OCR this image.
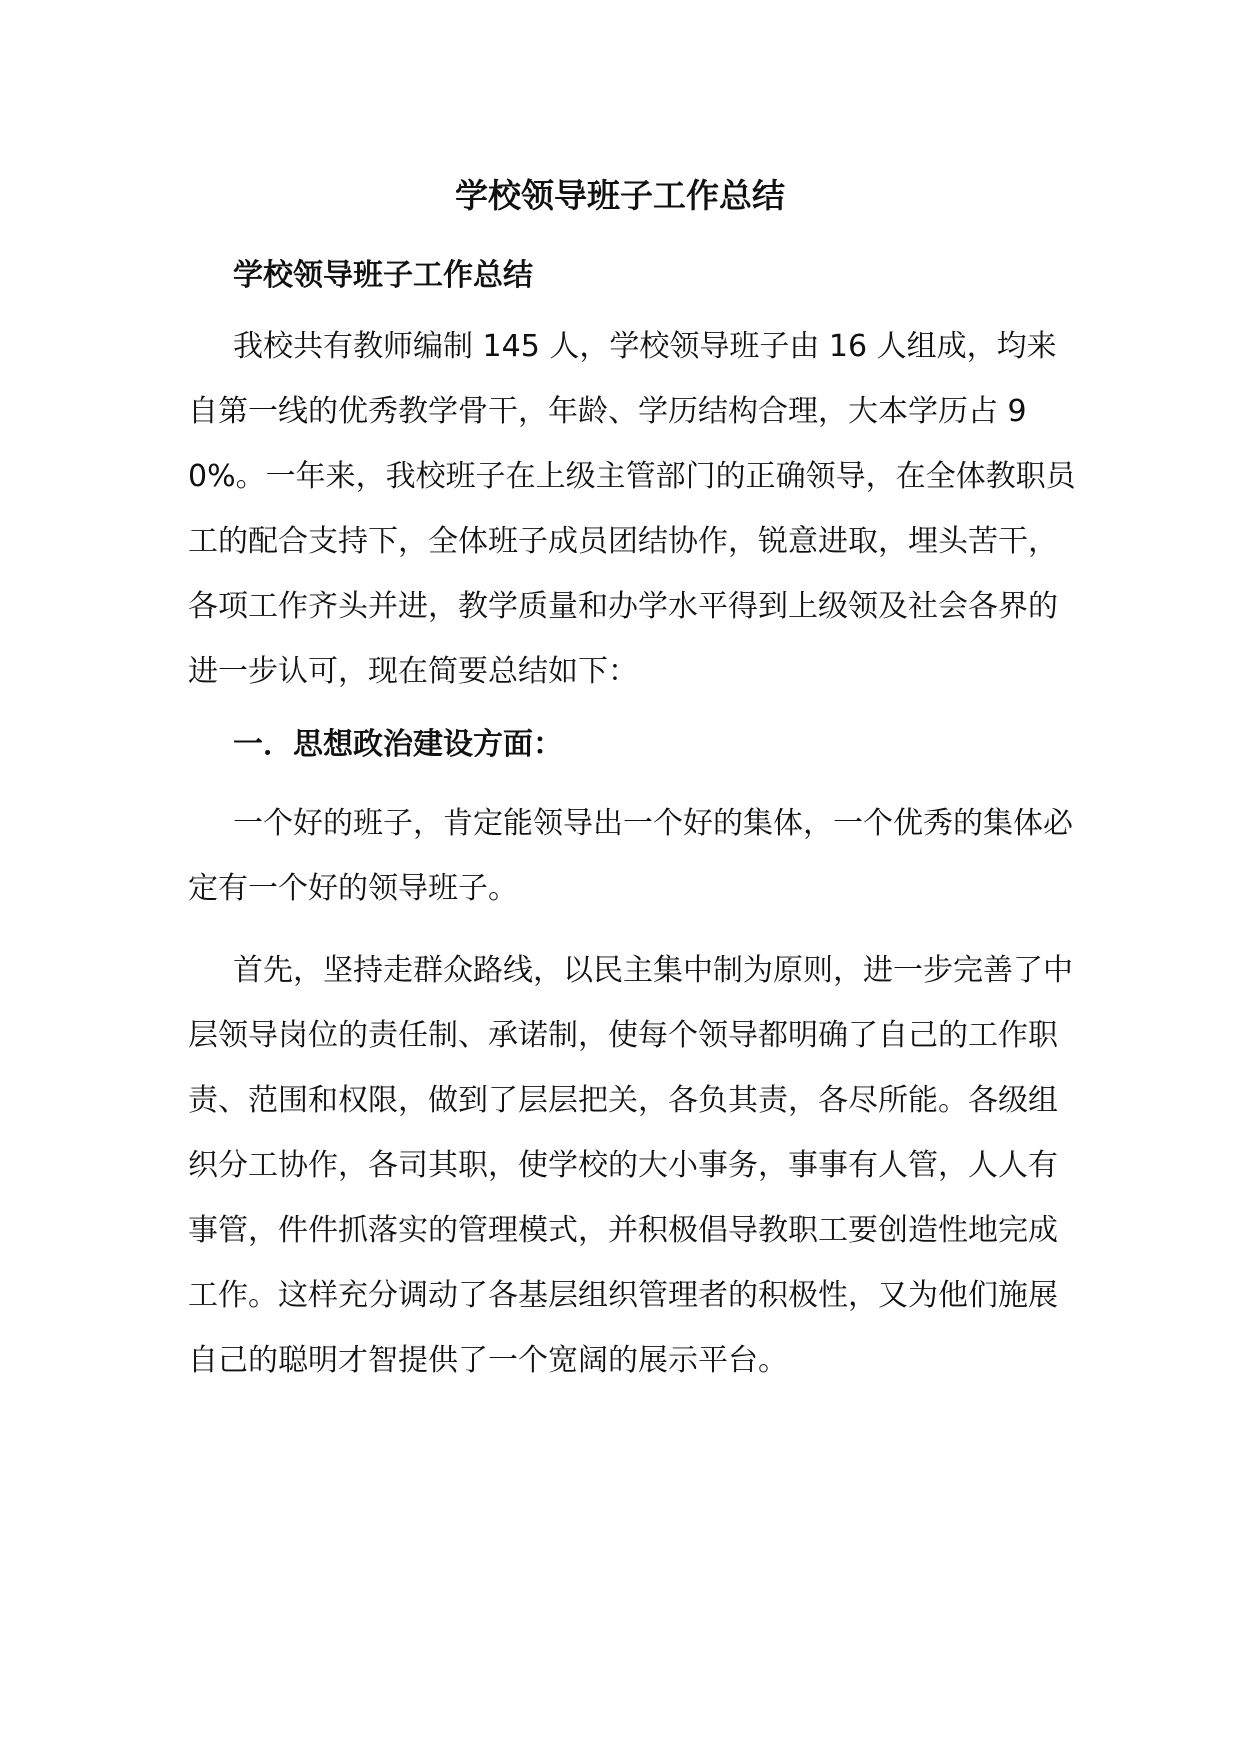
学校领导班子工作总结

学校领导班子工作总结

我校共有教师编制 145 人，学校领导班子由 16 人组成，均来自第一线的优秀教学骨干，年龄、学历结构合理，大本学历占 90%。一年来，我校班子在上级主管部门的正确领导，在全体教职员工的配合支持下，全体班子成员团结协作，锐意进取，埋头苦干，各项工作齐头并进，教学质量和办学水平得到上级领及社会各界的进一步认可，现在简要总结如下：

一．思想政治建设方面：

一个好的班子，肯定能领导出一个好的集体，一个优秀的集体必定有一个好的领导班子。

首先，坚持走群众路线，以民主集中制为原则，进一步完善了中层领导岗位的责任制、承诺制，使每个领导都明确了自己的工作职责、范围和权限，做到了层层把关，各负其责，各尽所能。各级组织分工协作，各司其职，使学校的大小事务，事事有人管，人人有事管，件件抓落实的管理模式，并积极倡导教职工要创造性地完成工作。这样充分调动了各基层组织管理者的积极性，又为他们施展自己的聪明才智提供了一个宽阔的展示平台。
